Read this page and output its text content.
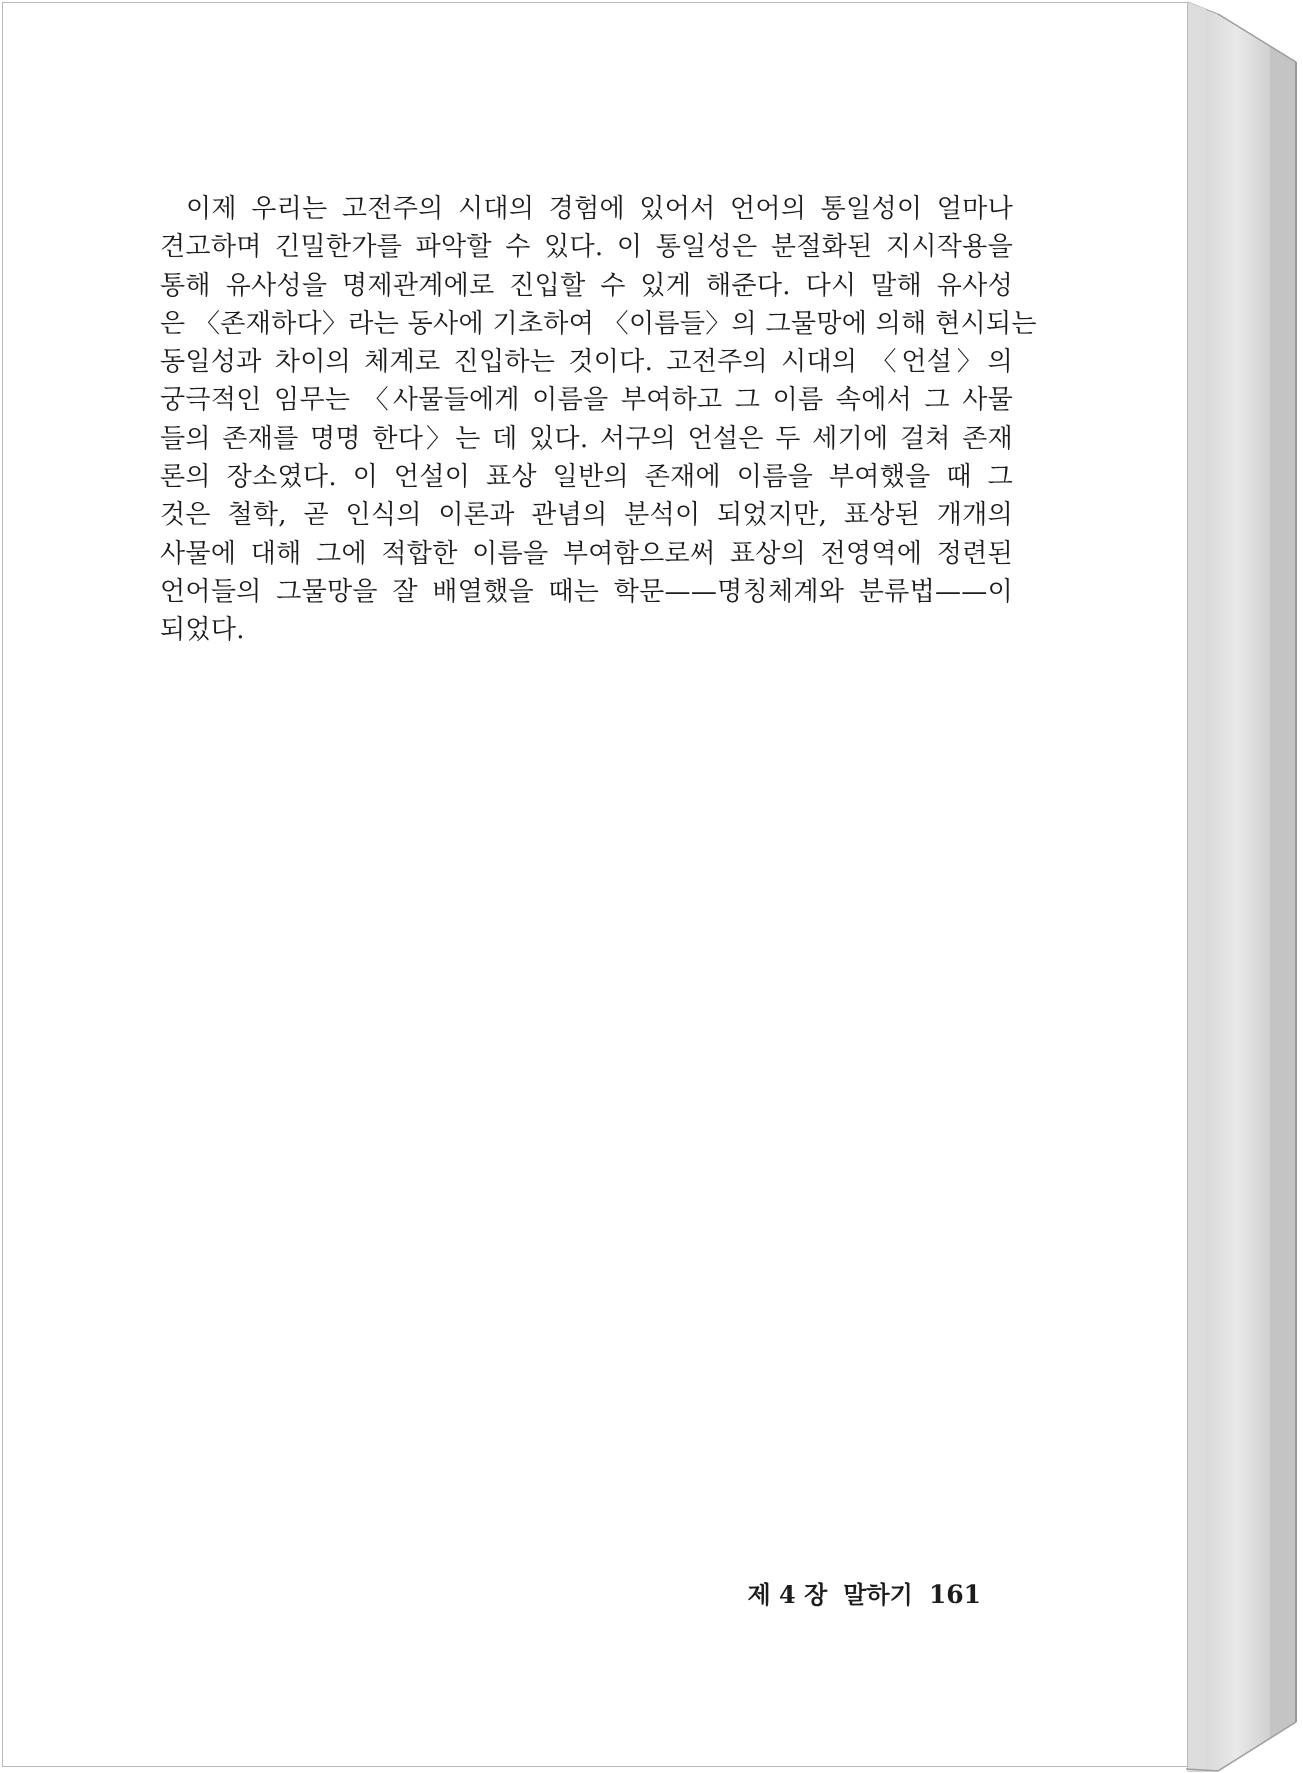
이제 우리는 고전주의 시대의 경험에 있어서 언어의 통일성이 얼마나
견고하며 긴밀한가를 파악할 수 있다. 이 통일성은 분절화된 지시작용을
통해 유사성을 명제관계에로 진입할 수 있게 해준다. 다시 말해 유사성
은 〈존재하다〉라는 동사에 기초하여 〈이름들〉의 그물망에 의해 현시되는
동일성과 차이의 체계로 진입하는 것이다. 고전주의 시대의 〈언설〉의
궁극적인 임무는 〈사물들에게 이름을 부여하고 그 이름 속에서 그 사물
들의 존재를 명명 한다〉는 데 있다. 서구의 언설은 두 세기에 걸쳐 존재
론의 장소였다. 이 언설이 표상 일반의 존재에 이름을 부여했을 때 그
것은 철학, 곧 인식의 이론과 관념의 분석이 되었지만, 표상된 개개의
사물에 대해 그에 적합한 이름을 부여함으로써 표상의 전영역에 정련된
언어들의 그물망을 잘 배열했을 때는 학문——명칭체계와 분류법——이
되었다.
제 4 장 말하기 161
